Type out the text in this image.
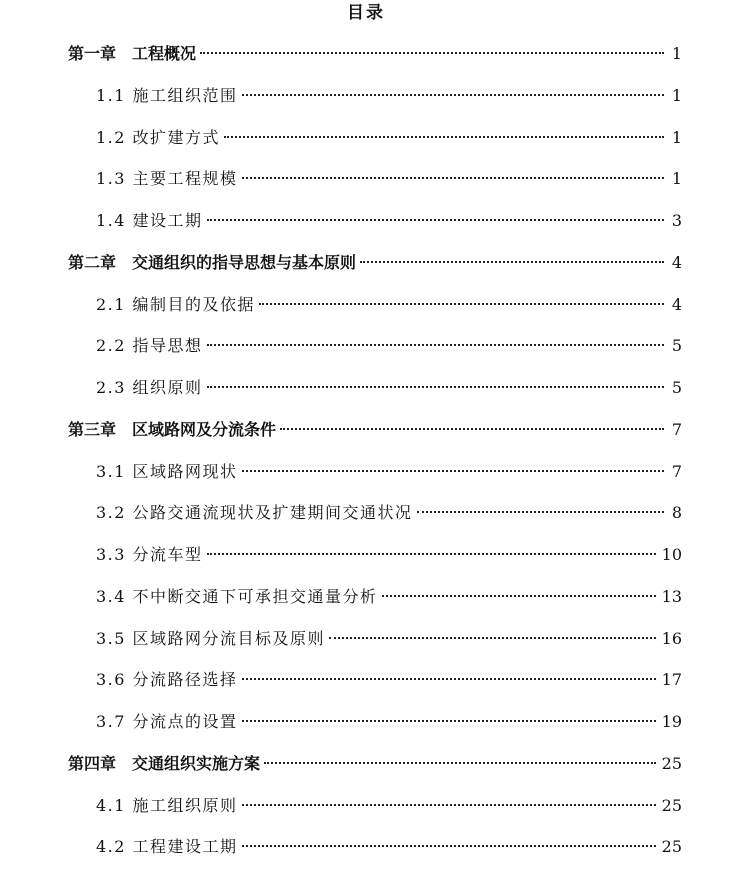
目录
第一章　工程概况	1
1.1 施工组织范围	1
1.2 改扩建方式	1
1.3 主要工程规模	1
1.4 建设工期	3
第二章　交通组织的指导思想与基本原则	4
2.1 编制目的及依据	4
2.2 指导思想	5
2.3 组织原则	5
第三章　区域路网及分流条件	7
3.1 区域路网现状	7
3.2 公路交通流现状及扩建期间交通状况	8
3.3 分流车型	10
3.4 不中断交通下可承担交通量分析	13
3.5 区域路网分流目标及原则	16
3.6 分流路径选择	17
3.7 分流点的设置	19
第四章　交通组织实施方案	25
4.1 施工组织原则	25
4.2 工程建设工期	25
